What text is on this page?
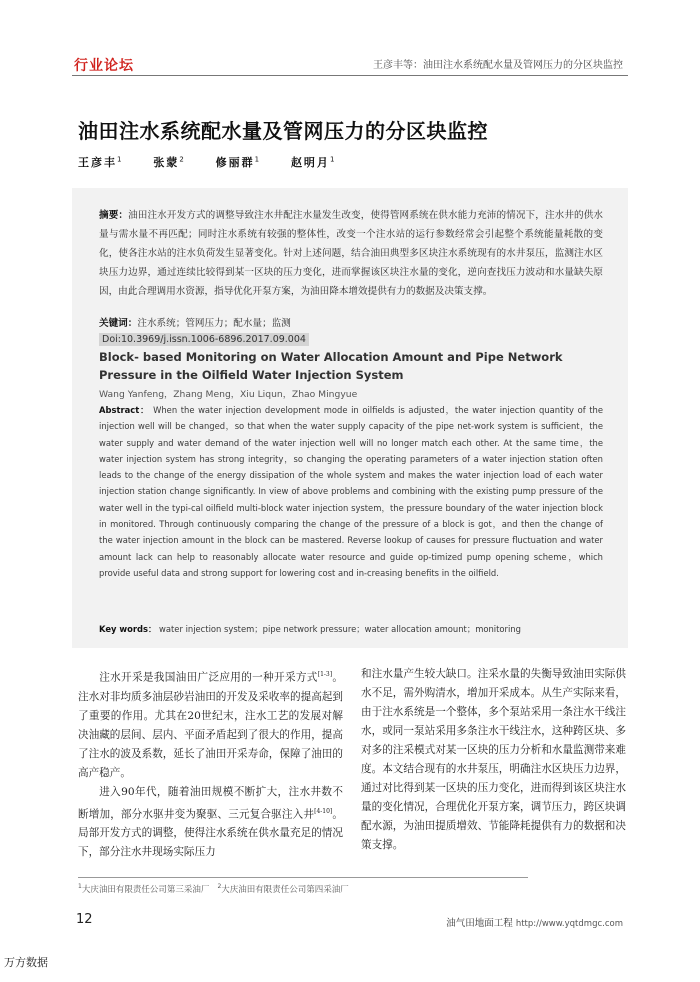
行业论坛	王彦丰等：油田注水系统配水量及管网压力的分区块监控
油田注水系统配水量及管网压力的分区块监控
王彦丰$^1$	张蒙$^2$	修丽群$^1$	赵明月$^1$
摘要：油田注水开发方式的调整导致注水井配注水量发生改变，使得管网系统在供水能力充沛的情况下，注水井的供水量与需水量不再匹配；同时注水系统有较强的整体性，改变一个注水站的运行参数经常会引起整个系统能量耗散的变化，使各注水站的注水负荷发生显著变化。针对上述问题，结合油田典型多区块注水系统现有的水井泵压，监测注水区块压力边界，通过连续比较得到某一区块的压力变化，进而掌握该区块注水量的变化，逆向查找压力波动和水量缺失原因，由此合理调用水资源，指导优化开泵方案，为油田降本增效提供有力的数据及决策支撑。
关键词：注水系统；管网压力；配水量；监测
Doi:10.3969/j.issn.1006-6896.2017.09.004
Block- based Monitoring on Water Allocation Amount and Pipe Network Pressure in the Oilfield Water Injection System
Wang Yanfeng，Zhang Meng，Xiu Liqun，Zhao Mingyue
Abstract： When the water injection development mode in oilfields is adjusted，the water injection quantity of the injection well will be changed，so that when the water supply capacity of the pipe net-work system is sufficient，the water supply and water demand of the water injection well will no longer match each other. At the same time，the water injection system has strong integrity，so changing the operating parameters of a water injection station often leads to the change of the energy dissipation of the whole system and makes the water injection load of each water injection station change significantly. In view of above problems and combining with the existing pump pressure of the water well in the typi-cal oilfield multi-block water injection system，the pressure boundary of the water injection block in monitored. Through continuously comparing the change of the pressure of a block is got，and then the change of the water injection amount in the block can be mastered. Reverse lookup of causes for pressure fluctuation and water amount lack can help to reasonably allocate water resource and guide op-timized pump opening scheme，which provide useful data and strong support for lowering cost and in-creasing benefits in the oilfield.
Key words： water injection system；pipe network pressure；water allocation amount；monitoring

注水开采是我国油田广泛应用的一种开采方式[1-3]。注水对非均质多油层砂岩油田的开发及采收率的提高起到了重要的作用。尤其在20世纪末，注水工艺的发展对解决油藏的层间、层内、平面矛盾起到了很大的作用，提高了注水的波及系数，延长了油田开采寿命，保障了油田的高产稳产。

进入90年代，随着油田规模不断扩大，注水井数不断增加，部分水驱井变为聚驱、三元复合驱注入井[4-10]。局部开发方式的调整，使得注水系统在供水量充足的情况下，部分注水井现场实际压力

和注水量产生较大缺口。注采水量的失衡导致油田实际供水不足，需外购清水，增加开采成本。从生产实际来看，由于注水系统是一个整体，多个泵站采用一条注水干线注水，或同一泵站采用多条注水干线注水，这种跨区块、多对多的注采模式对某一区块的压力分析和水量监测带来难度。本文结合现有的水井泵压，明确注水区块压力边界，通过对比得到某一区块的压力变化，进而得到该区块注水量的变化情况，合理优化开泵方案，调节压力，跨区块调配水源，为油田提质增效、节能降耗提供有力的数据和决策支撑。

$^1$大庆油田有限责任公司第三采油厂 $^2$大庆油田有限责任公司第四采油厂
12	油气田地面工程 http://www.yqtdmgc.com
万方数据
